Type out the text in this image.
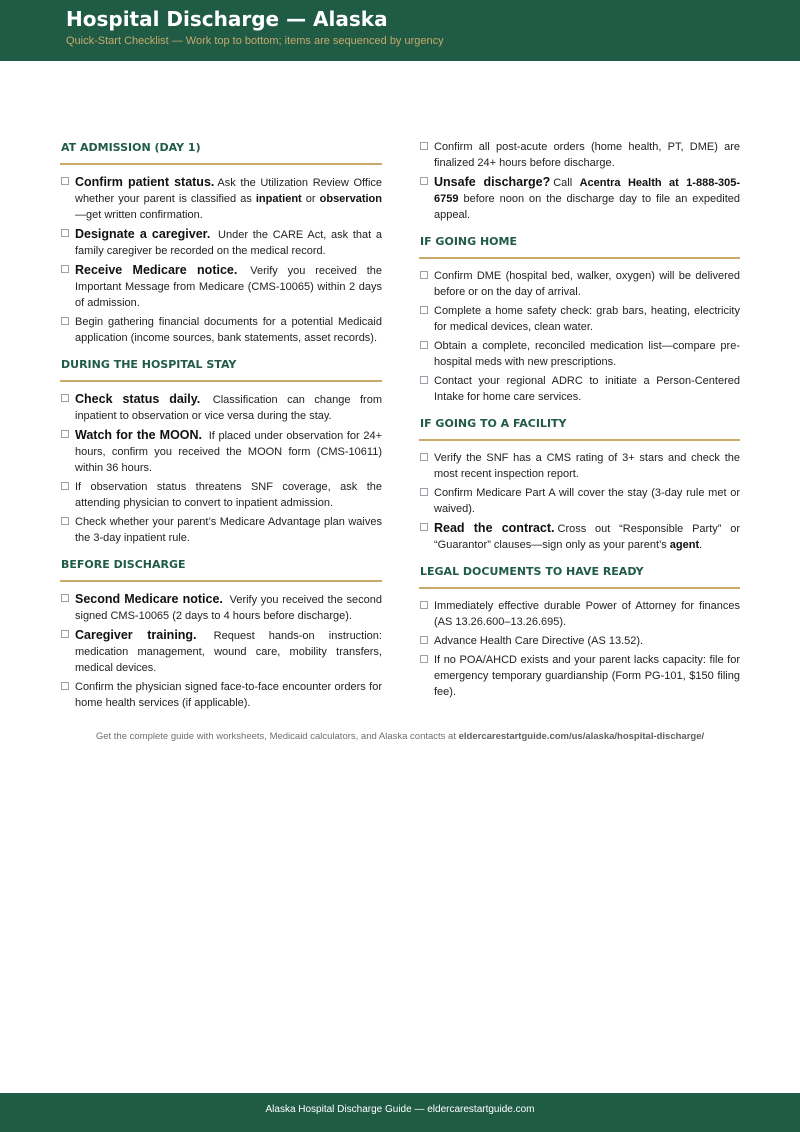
Hospital Discharge — Alaska
Quick-Start Checklist — Work top to bottom; items are sequenced by urgency
AT ADMISSION (DAY 1)
Confirm patient status. Ask the Utilization Review Office whether your parent is classified as inpatient or observation—get written confirmation.
Designate a caregiver. Under the CARE Act, ask that a family caregiver be recorded on the medical record.
Receive Medicare notice. Verify you received the Important Message from Medicare (CMS-10065) within 2 days of admission.
Begin gathering financial documents for a potential Medicaid application (income sources, bank statements, asset records).
DURING THE HOSPITAL STAY
Check status daily. Classification can change from inpatient to observation or vice versa during the stay.
Watch for the MOON. If placed under observation for 24+ hours, confirm you received the MOON form (CMS-10611) within 36 hours.
If observation status threatens SNF coverage, ask the attending physician to convert to inpatient admission.
Check whether your parent’s Medicare Advantage plan waives the 3-day inpatient rule.
BEFORE DISCHARGE
Second Medicare notice. Verify you received the second signed CMS-10065 (2 days to 4 hours before discharge).
Caregiver training. Request hands-on instruction: medication management, wound care, mobility transfers, medical devices.
Confirm the physician signed face-to-face encounter orders for home health services (if applicable).
Confirm all post-acute orders (home health, PT, DME) are finalized 24+ hours before discharge.
Unsafe discharge? Call Acentra Health at 1-888-305-6759 before noon on the discharge day to file an expedited appeal.
IF GOING HOME
Confirm DME (hospital bed, walker, oxygen) will be delivered before or on the day of arrival.
Complete a home safety check: grab bars, heating, electricity for medical devices, clean water.
Obtain a complete, reconciled medication list—compare pre-hospital meds with new prescriptions.
Contact your regional ADRC to initiate a Person-Centered Intake for home care services.
IF GOING TO A FACILITY
Verify the SNF has a CMS rating of 3+ stars and check the most recent inspection report.
Confirm Medicare Part A will cover the stay (3-day rule met or waived).
Read the contract. Cross out “Responsible Party” or “Guarantor” clauses—sign only as your parent’s agent.
LEGAL DOCUMENTS TO HAVE READY
Immediately effective durable Power of Attorney for finances (AS 13.26.600–13.26.695).
Advance Health Care Directive (AS 13.52).
If no POA/AHCD exists and your parent lacks capacity: file for emergency temporary guardianship (Form PG-101, $150 filing fee).
Get the complete guide with worksheets, Medicaid calculators, and Alaska contacts at eldercarestartguide.com/us/alaska/hospital-discharge/
Alaska Hospital Discharge Guide — eldercarestartguide.com
